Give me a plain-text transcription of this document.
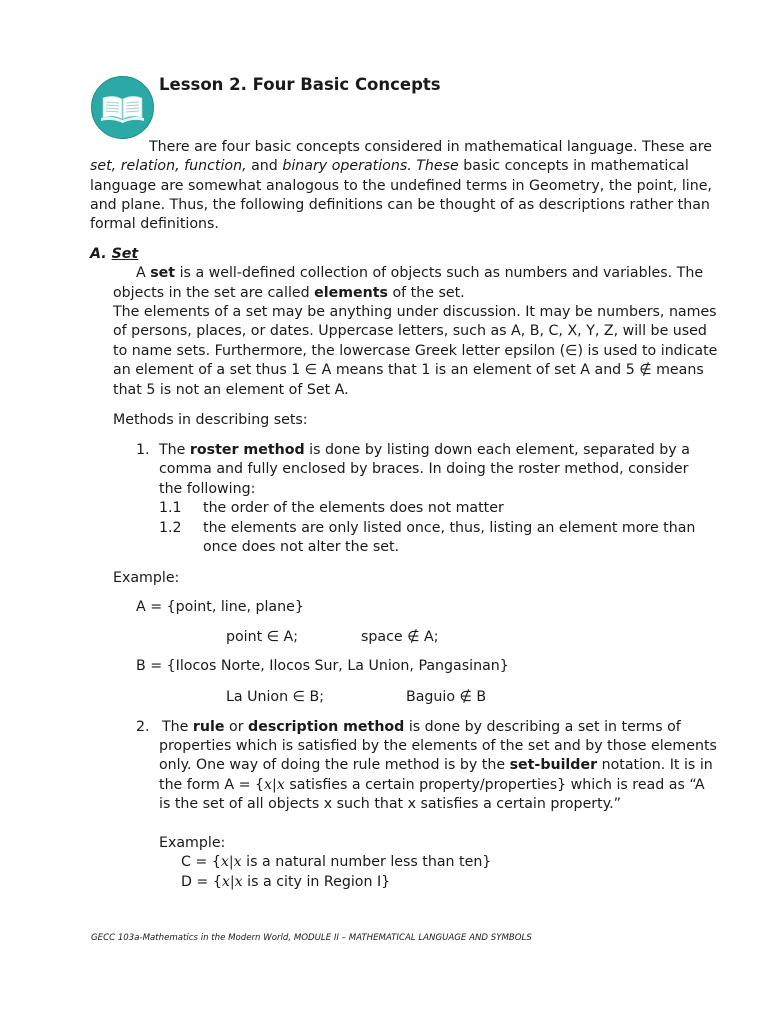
Lesson 2. Four Basic Concepts
There are four basic concepts considered in mathematical language. These are
set, relation, function, and binary operations. These basic concepts in mathematical
language are somewhat analogous to the undefined terms in Geometry, the point, line,
and plane. Thus, the following definitions can be thought of as descriptions rather than
formal definitions.
A. Set
A set is a well-defined collection of objects such as numbers and variables. The
objects in the set are called elements of the set.
The elements of a set may be anything under discussion. It may be numbers, names
of persons, places, or dates. Uppercase letters, such as A, B, C, X, Y, Z, will be used
to name sets. Furthermore, the lowercase Greek letter epsilon (∈) is used to indicate
an element of a set thus 1 ∈ A means that 1 is an element of set A and 5 ∉ means
that 5 is not an element of Set A.
Methods in describing sets:
1. The roster method is done by listing down each element, separated by a
comma and fully enclosed by braces. In doing the roster method, consider
the following:
1.1 the order of the elements does not matter
1.2 the elements are only listed once, thus, listing an element more than
once does not alter the set.
Example:
A = {point, line, plane}
point ∈ A;	space ∉ A;
B = {Ilocos Norte, Ilocos Sur, La Union, Pangasinan}
La Union ∈ B;	Baguio ∉ B
2. The rule or description method is done by describing a set in terms of
properties which is satisfied by the elements of the set and by those elements
only. One way of doing the rule method is by the set-builder notation. It is in
the form A = {x|x satisfies a certain property/properties} which is read as “A
is the set of all objects x such that x satisfies a certain property.”
Example:
C = {x|x is a natural number less than ten}
D = {x|x is a city in Region I}
GECC 103a-Mathematics in the Modern World, MODULE II – MATHEMATICAL LANGUAGE AND SYMBOLS
